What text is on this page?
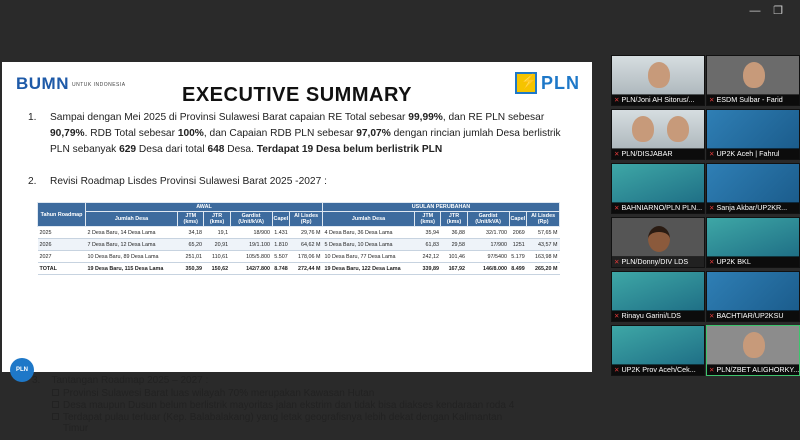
— ❐
BUMN UNTUK INDONESIA ⚡	PLN
EXECUTIVE SUMMARY
1.	Sampai dengan Mei 2025 di Provinsi Sulawesi Barat capaian RE Total sebesar 99,99%, dan RE PLN sebesar 90,79%. RDB Total sebesar 100%, dan Capaian RDB PLN sebesar 97,07% dengan rincian jumlah Desa berlistrik PLN sebanyak 629 Desa dari total 648 Desa. Terdapat 19 Desa belum berlistrik PLN
2.	Revisi Roadmap Lisdes Provinsi Sulawesi Barat 2025 -2027 :
Tahun Roadmap	AWAL						USULAN PERUBAHAN					
	Jumlah Desa	JTM (kms)	JTR (kms)	Gardist (Unit/kVA)	Capel	AI Lisdes (Rp)	Jumlah Desa	JTM (kms)	JTR (kms)	Gardist (Unit/kVA)	Capel	AI Lisdes (Rp)
2025	2 Desa Baru, 14 Desa Lama	34,18	19,1	18/900	1.431	29,76 M	4 Desa Baru, 36 Desa Lama	35,94	36,88	32/1.700	2069	57,65 M
2026	7 Desa Baru, 12 Desa Lama	65,20	20,91	19/1.100	1.810	64,62 M	5 Desa Baru, 10 Desa Lama	61,83	29,58	17/900	1251	43,57 M
2027	10 Desa Baru, 89 Desa Lama	251,01	110,61	105/5.800	5.507	178,06 M	10 Desa Baru, 77 Desa Lama	242,12	101,46	97/5400	5.179	163,98 M
TOTAL	19 Desa Baru, 115 Desa Lama	350,39	150,62	142/7.800	8.748	272,44 M	19 Desa Baru, 122 Desa Lama	339,89	167,92	146/8.000	8.499	265,20 M
3. Tantangan Roadmap 2025 – 2027 :
Provinsi Sulawesi Barat luas wilayah 70% merupakan Kawasan Hutan
Desa maupun Dusun belum berlistrik mayoritas jalan ekstrim dan tidak bisa diakses kendaraan roda 4
Terdapat pulau terluar (Kep. Balabalakang) yang letak geografisnya lebih dekat dengan Kalimantan
Timur
PLN
✕ PLN/Joni AH Sitorus/...	✕ ESDM Sulbar - Farid
✕ PLN/DISJABAR	✕ UP2K Aceh | Fahrul
✕ BAHNIARNO/PLN PLN...	✕ Sanja Akbar/UP2KR...
✕ PLN/Donny/DIV LDS	✕ UP2K BKL
✕ Rinayu Garini/LDS	✕ BACHTIAR/UP2KSU
✕ UP2K Prov Aceh/Cek...	✕ PLN/ZBET ALIGHORKY...
